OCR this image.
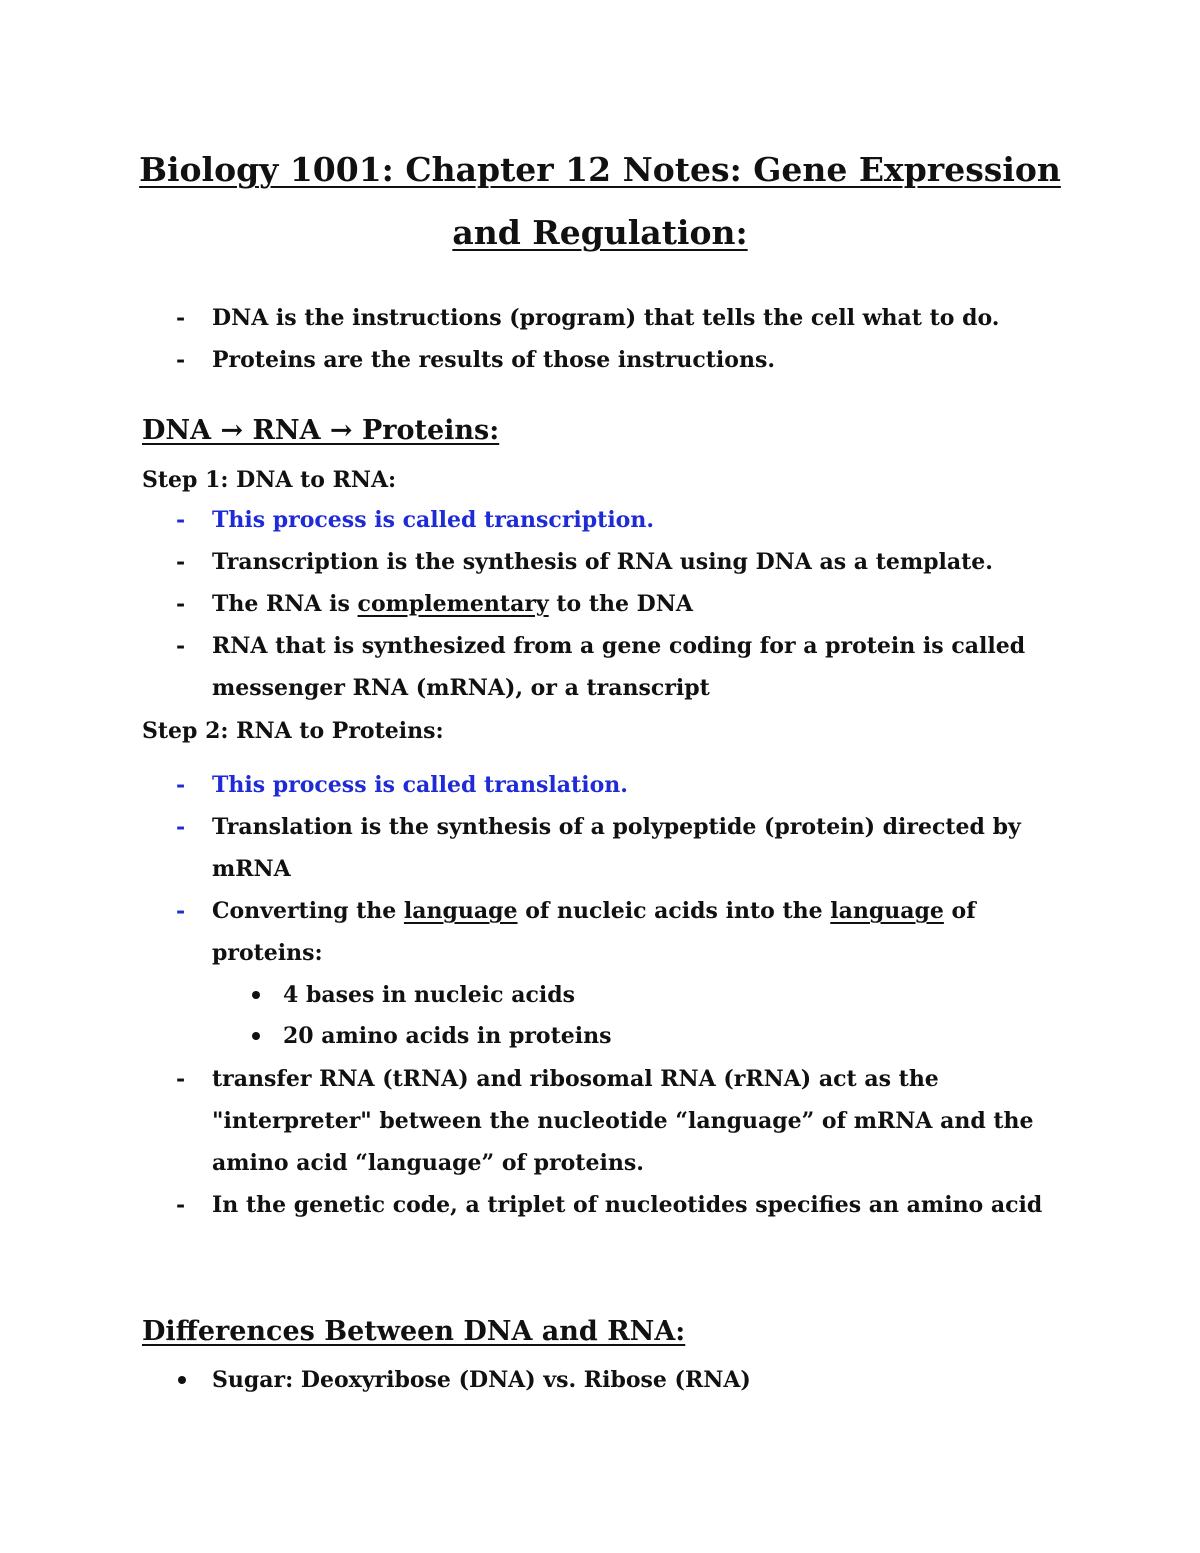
Biology 1001: Chapter 12 Notes: Gene Expression
and Regulation:
- DNA is the instructions (program) that tells the cell what to do.
- Proteins are the results of those instructions.
DNA → RNA → Proteins:
Step 1: DNA to RNA:
- This process is called transcription.
- Transcription is the synthesis of RNA using DNA as a template.
- The RNA is complementary to the DNA
- RNA that is synthesized from a gene coding for a protein is called
messenger RNA (mRNA), or a transcript
Step 2: RNA to Proteins:
- This process is called translation.
- Translation is the synthesis of a polypeptide (protein) directed by
mRNA
- Converting the language of nucleic acids into the language of
proteins:
4 bases in nucleic acids
20 amino acids in proteins
- transfer RNA (tRNA) and ribosomal RNA (rRNA) act as the
"interpreter" between the nucleotide “language” of mRNA and the
amino acid “language” of proteins.
- In the genetic code, a triplet of nucleotides specifies an amino acid
Differences Between DNA and RNA:
Sugar: Deoxyribose (DNA) vs. Ribose (RNA)
